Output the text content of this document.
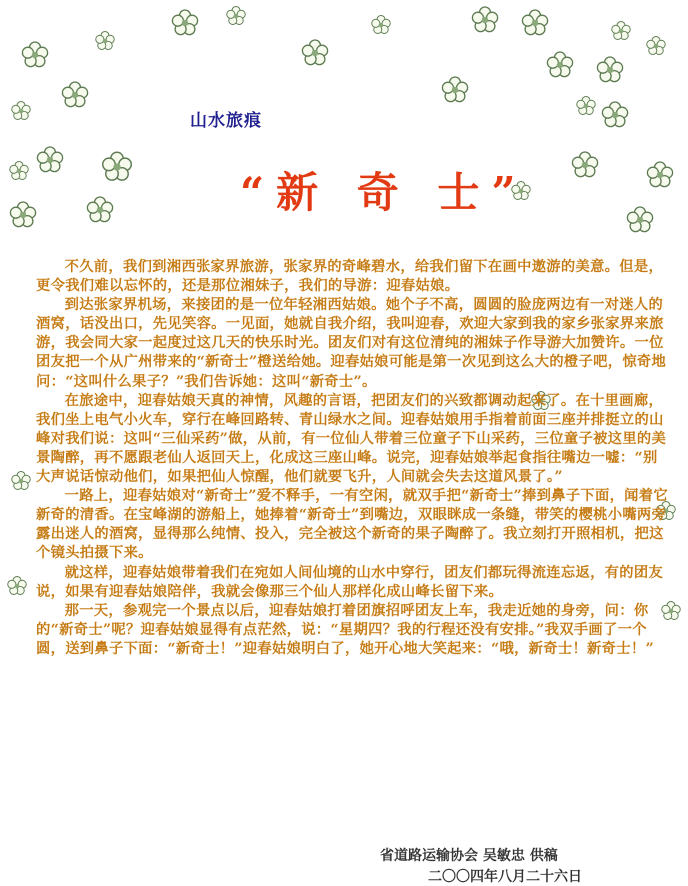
山水旅痕
“新 奇 士”

不久前，我们到湘西张家界旅游，张家界的奇峰碧水，给我们留下在画中遨游的美意。但是，更令我们难以忘怀的，还是那位湘妹子，我们的导游：迎春姑娘。

到达张家界机场，来接团的是一位年轻湘西姑娘。她个子不高，圆圆的脸庞两边有一对迷人的酒窝，话没出口，先见笑容。一见面，她就自我介绍，我叫迎春，欢迎大家到我的家乡张家界来旅游，我会同大家一起度过这几天的快乐时光。团友们对有这位清纯的湘妹子作导游大加赞许。一位团友把一个从广州带来的“新奇士”橙送给她。迎春姑娘可能是第一次见到这么大的橙子吧，惊奇地问：“这叫什么果子？”我们告诉她：这叫“新奇士”。

在旅途中，迎春姑娘天真的神情，风趣的言语，把团友们的兴致都调动起来了。在十里画廊，我们坐上电气小火车，穿行在峰回路转、青山绿水之间。迎春姑娘用手指着前面三座并排挺立的山峰对我们说：这叫“三仙采药”做，从前，有一位仙人带着三位童子下山采药，三位童子被这里的美景陶醉，再不愿跟老仙人返回天上，化成这三座山峰。说完，迎春姑娘举起食指往嘴边一嘘：“别大声说话惊动他们，如果把仙人惊醒，他们就要飞升，人间就会失去这道风景了。”

一路上，迎春姑娘对“新奇士”爱不释手，一有空闲，就双手把“新奇士”捧到鼻子下面，闻着它新奇的清香。在宝峰湖的游船上，她捧着“新奇士”到嘴边，双眼眯成一条缝，带笑的樱桃小嘴两旁露出迷人的酒窝，显得那么纯情、投入，完全被这个新奇的果子陶醉了。我立刻打开照相机，把这个镜头拍摄下来。

就这样，迎春姑娘带着我们在宛如人间仙境的山水中穿行，团友们都玩得流连忘返，有的团友说，如果有迎春姑娘陪伴，我就会像那三个仙人那样化成山峰长留下来。

那一天，参观完一个景点以后，迎春姑娘打着团旗招呼团友上车，我走近她的身旁，问：你的“新奇士”呢？迎春姑娘显得有点茫然，说：“星期四？我的行程还没有安排。”我双手画了一个圆，送到鼻子下面：“新奇士！”迎春姑娘明白了，她开心地大笑起来：“哦，新奇士！新奇士！”

省道路运输协会 吴敏忠 供稿
二〇〇四年八月二十六日
